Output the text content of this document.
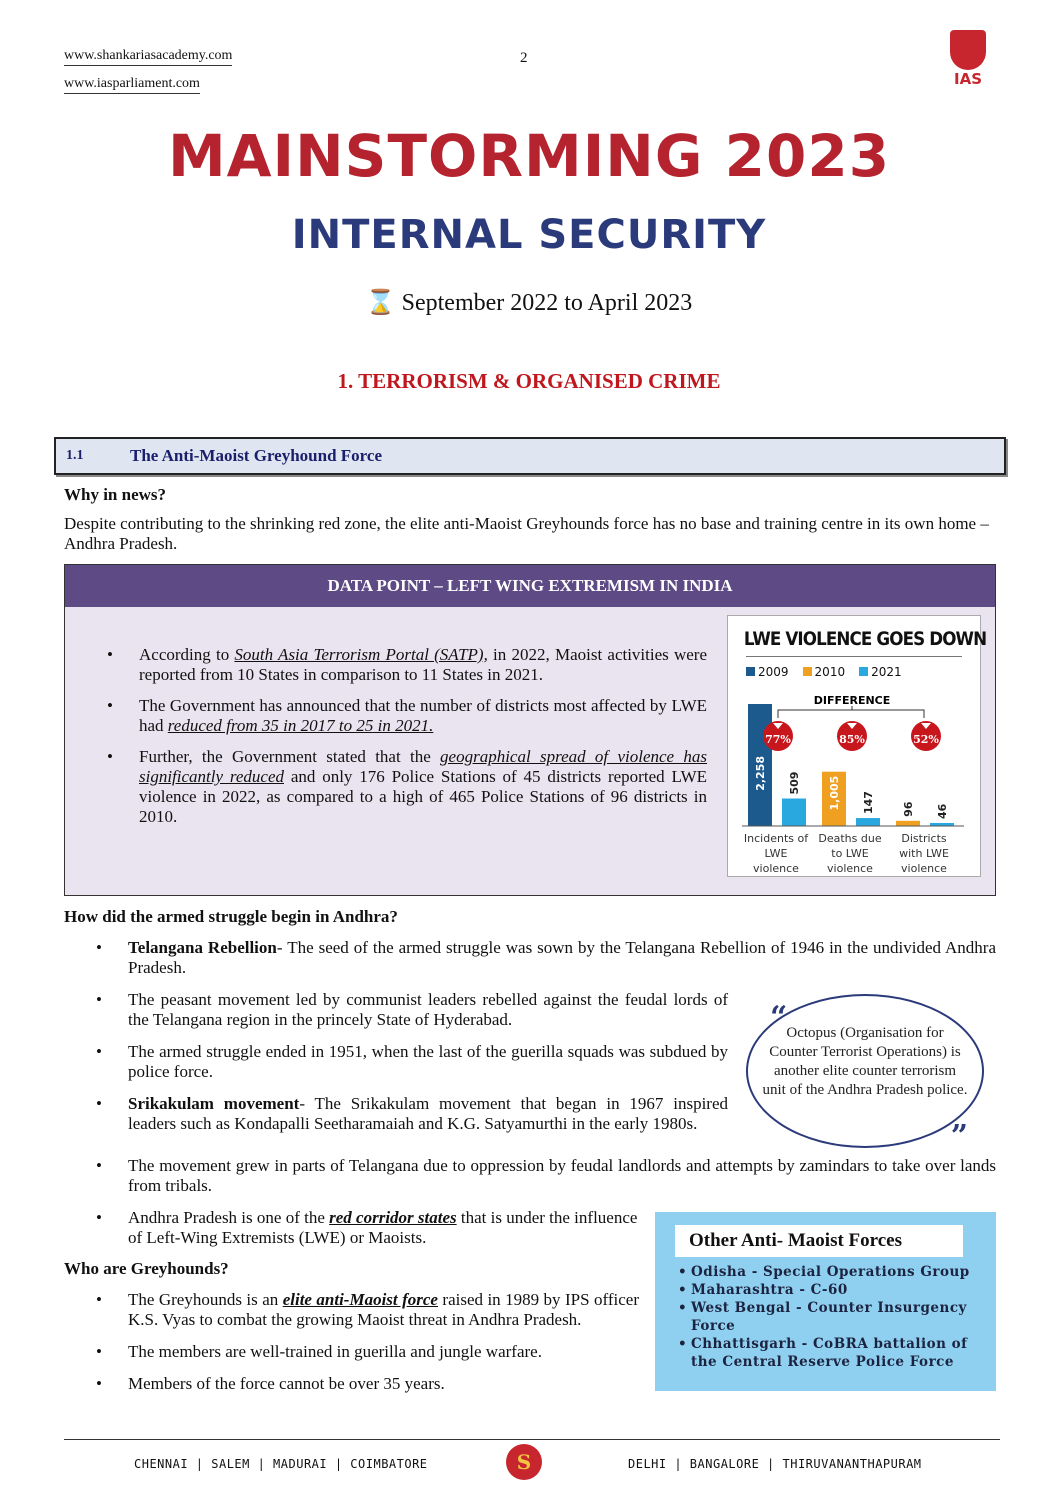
www.shankariasacademy.com
www.iasparliament.com
2
IAS
MAINSTORMING 2023
INTERNAL SECURITY
⌛ September 2022 to April 2023
1. TERRORISM & ORGANISED CRIME
1.1	The Anti-Maoist Greyhound Force
Why in news?
Despite contributing to the shrinking red zone, the elite anti-Maoist Greyhounds force has no base and training centre in its own home – Andhra Pradesh.
DATA POINT – LEFT WING EXTREMISM IN INDIA
LWE VIOLENCE GOES DOWN
2009	2010	2021
DIFFERENCE
2,258 509
77%
Incidents of
LWE
violence
1,005 147
85%
Deaths due
to LWE
violence
96 46
52%
Districts
with LWE
violence
• According to South Asia Terrorism Portal (SATP), in 2022, Maoist activities were reported from 10 States in comparison to 11 States in 2021.
• The Government has announced that the number of districts most affected by LWE had reduced from 35 in 2017 to 25 in 2021.
• Further, the Government stated that the geographical spread of violence has significantly reduced and only 176 Police Stations of 45 districts reported LWE violence in 2022, as compared to a high of 465 Police Stations of 96 districts in 2010.
How did the armed struggle begin in Andhra?
• Telangana Rebellion- The seed of the armed struggle was sown by the Telangana Rebellion of 1946 in the undivided Andhra Pradesh.
“ Octopus (Organisation for Counter Terrorist Operations) is another elite counter terrorism unit of the Andhra Pradesh police.
”
• The peasant movement led by communist leaders rebelled against the feudal lords of the Telangana region in the princely State of Hyderabad.
• The armed struggle ended in 1951, when the last of the guerilla squads was subdued by police force.
• Srikakulam movement- The Srikakulam movement that began in 1967 inspired leaders such as Kondapalli Seetharamaiah and K.G. Satyamurthi in the early 1980s.
• The movement grew in parts of Telangana due to oppression by feudal landlords and attempts by zamindars to take over lands from tribals.
Other Anti- Maoist Forces
• Odisha - Special Operations Group
• Maharashtra - C-60
• West Bengal - Counter Insurgency Force
• Chhattisgarh - CoBRA battalion of the Central Reserve Police Force
• Andhra Pradesh is one of the red corridor states that is under the influence of Left-Wing Extremists (LWE) or Maoists.
Who are Greyhounds?
• The Greyhounds is an elite anti-Maoist force raised in 1989 by IPS officer K.S. Vyas to combat the growing Maoist threat in Andhra Pradesh.
• The members are well-trained in guerilla and jungle warfare.
• Members of the force cannot be over 35 years.
CHENNAI | SALEM | MADURAI | COIMBATORE	S	DELHI | BANGALORE | THIRUVANANTHAPURAM
